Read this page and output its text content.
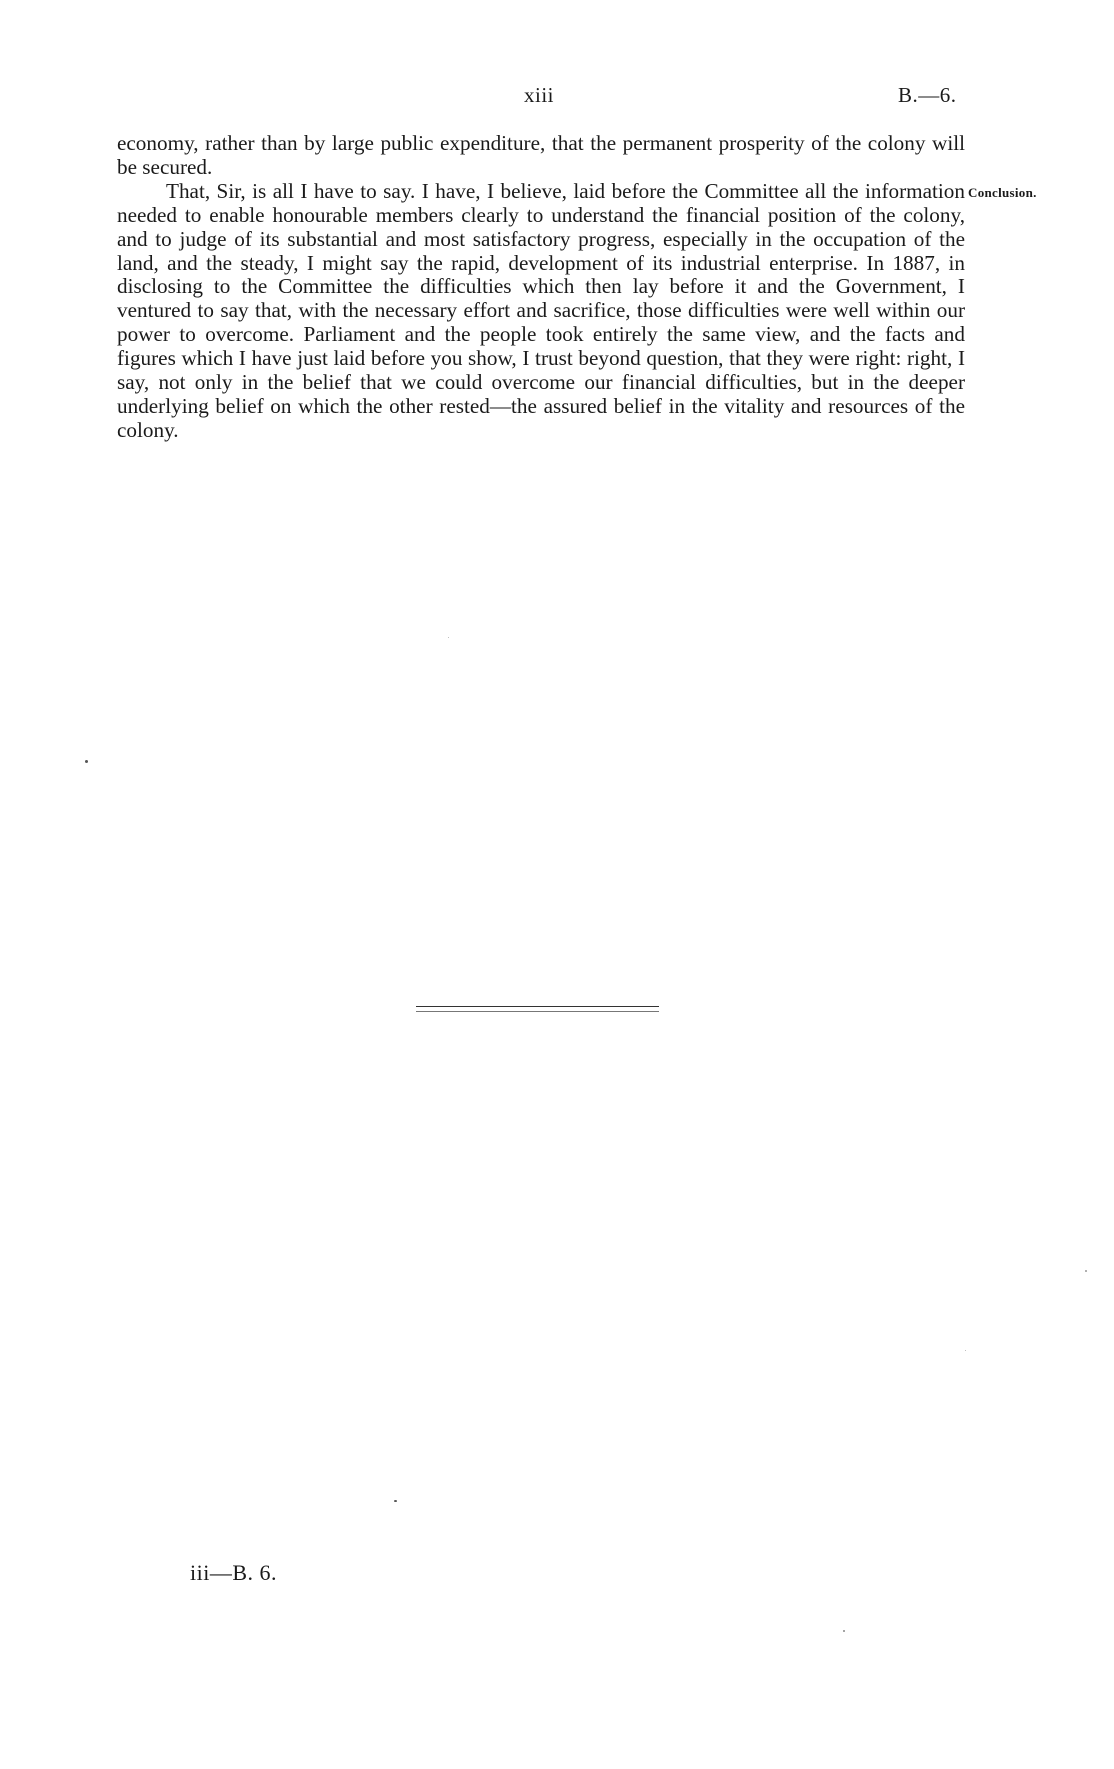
xiii	B.—6.

economy, rather than by large public expenditure, that the permanent prosperity of the colony will be secured.

That, Sir, is all I have to say. I have, I believe, laid before the Committee all the information needed to enable honourable members clearly to understand the financial position of the colony, and to judge of its substantial and most satisfactory progress, especially in the occupation of the land, and the steady, I might say the rapid, development of its industrial enterprise. In 1887, in disclosing to the Committee the difficulties which then lay before it and the Government, I ventured to say that, with the necessary effort and sacrifice, those difficulties were well within our power to overcome. Parliament and the people took entirely the same view, and the facts and figures which I have just laid before you show, I trust beyond question, that they were right: right, I say, not only in the belief that we could overcome our financial difficulties, but in the deeper underlying belief on which the other rested—the assured belief in the vitality and resources of the colony.

Conclusion.
iii—B. 6.
